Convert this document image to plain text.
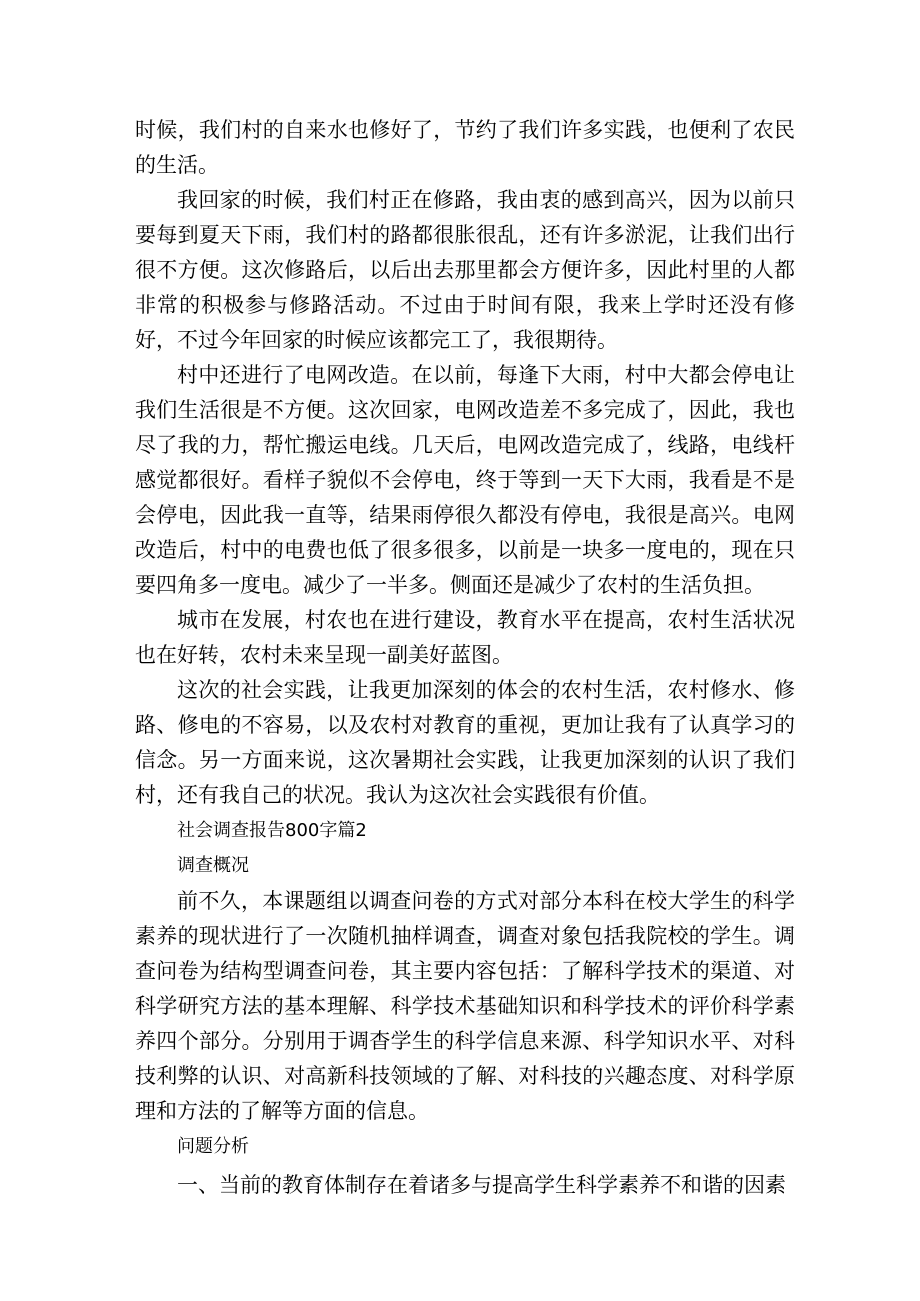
时候，我们村的自来水也修好了，节约了我们许多实践，也便利了农民的生活。

我回家的时候，我们村正在修路，我由衷的感到高兴，因为以前只要每到夏天下雨，我们村的路都很胀很乱，还有许多淤泥，让我们出行很不方便。这次修路后，以后出去那里都会方便许多，因此村里的人都非常的积极参与修路活动。不过由于时间有限，我来上学时还没有修好，不过今年回家的时候应该都完工了，我很期待。

村中还进行了电网改造。在以前，每逢下大雨，村中大都会停电让我们生活很是不方便。这次回家，电网改造差不多完成了，因此，我也尽了我的力，帮忙搬运电线。几天后，电网改造完成了，线路，电线杆感觉都很好。看样子貌似不会停电，终于等到一天下大雨，我看是不是会停电，因此我一直等，结果雨停很久都没有停电，我很是高兴。电网改造后，村中的电费也低了很多很多，以前是一块多一度电的，现在只要四角多一度电。减少了一半多。侧面还是减少了农村的生活负担。

城市在发展，村农也在进行建设，教育水平在提高，农村生活状况也在好转，农村未来呈现一副美好蓝图。

这次的社会实践，让我更加深刻的体会的农村生活，农村修水、修路、修电的不容易，以及农村对教育的重视，更加让我有了认真学习的信念。另一方面来说，这次暑期社会实践，让我更加深刻的认识了我们村，还有我自己的状况。我认为这次社会实践很有价值。

社会调查报告800字篇2

调查概况

前不久，本课题组以调查问卷的方式对部分本科在校大学生的科学素养的现状进行了一次随机抽样调查，调查对象包括我院校的学生。调查问卷为结构型调查问卷，其主要内容包括：了解科学技术的渠道、对科学研究方法的基本理解、科学技术基础知识和科学技术的评价科学素养四个部分。分别用于调杳学生的科学信息来源、科学知识水平、对科技利弊的认识、对高新科技领域的了解、对科技的兴趣态度、对科学原理和方法的了解等方面的信息。

问题分析

一、当前的教育体制存在着诸多与提高学生科学素养不和谐的因素
